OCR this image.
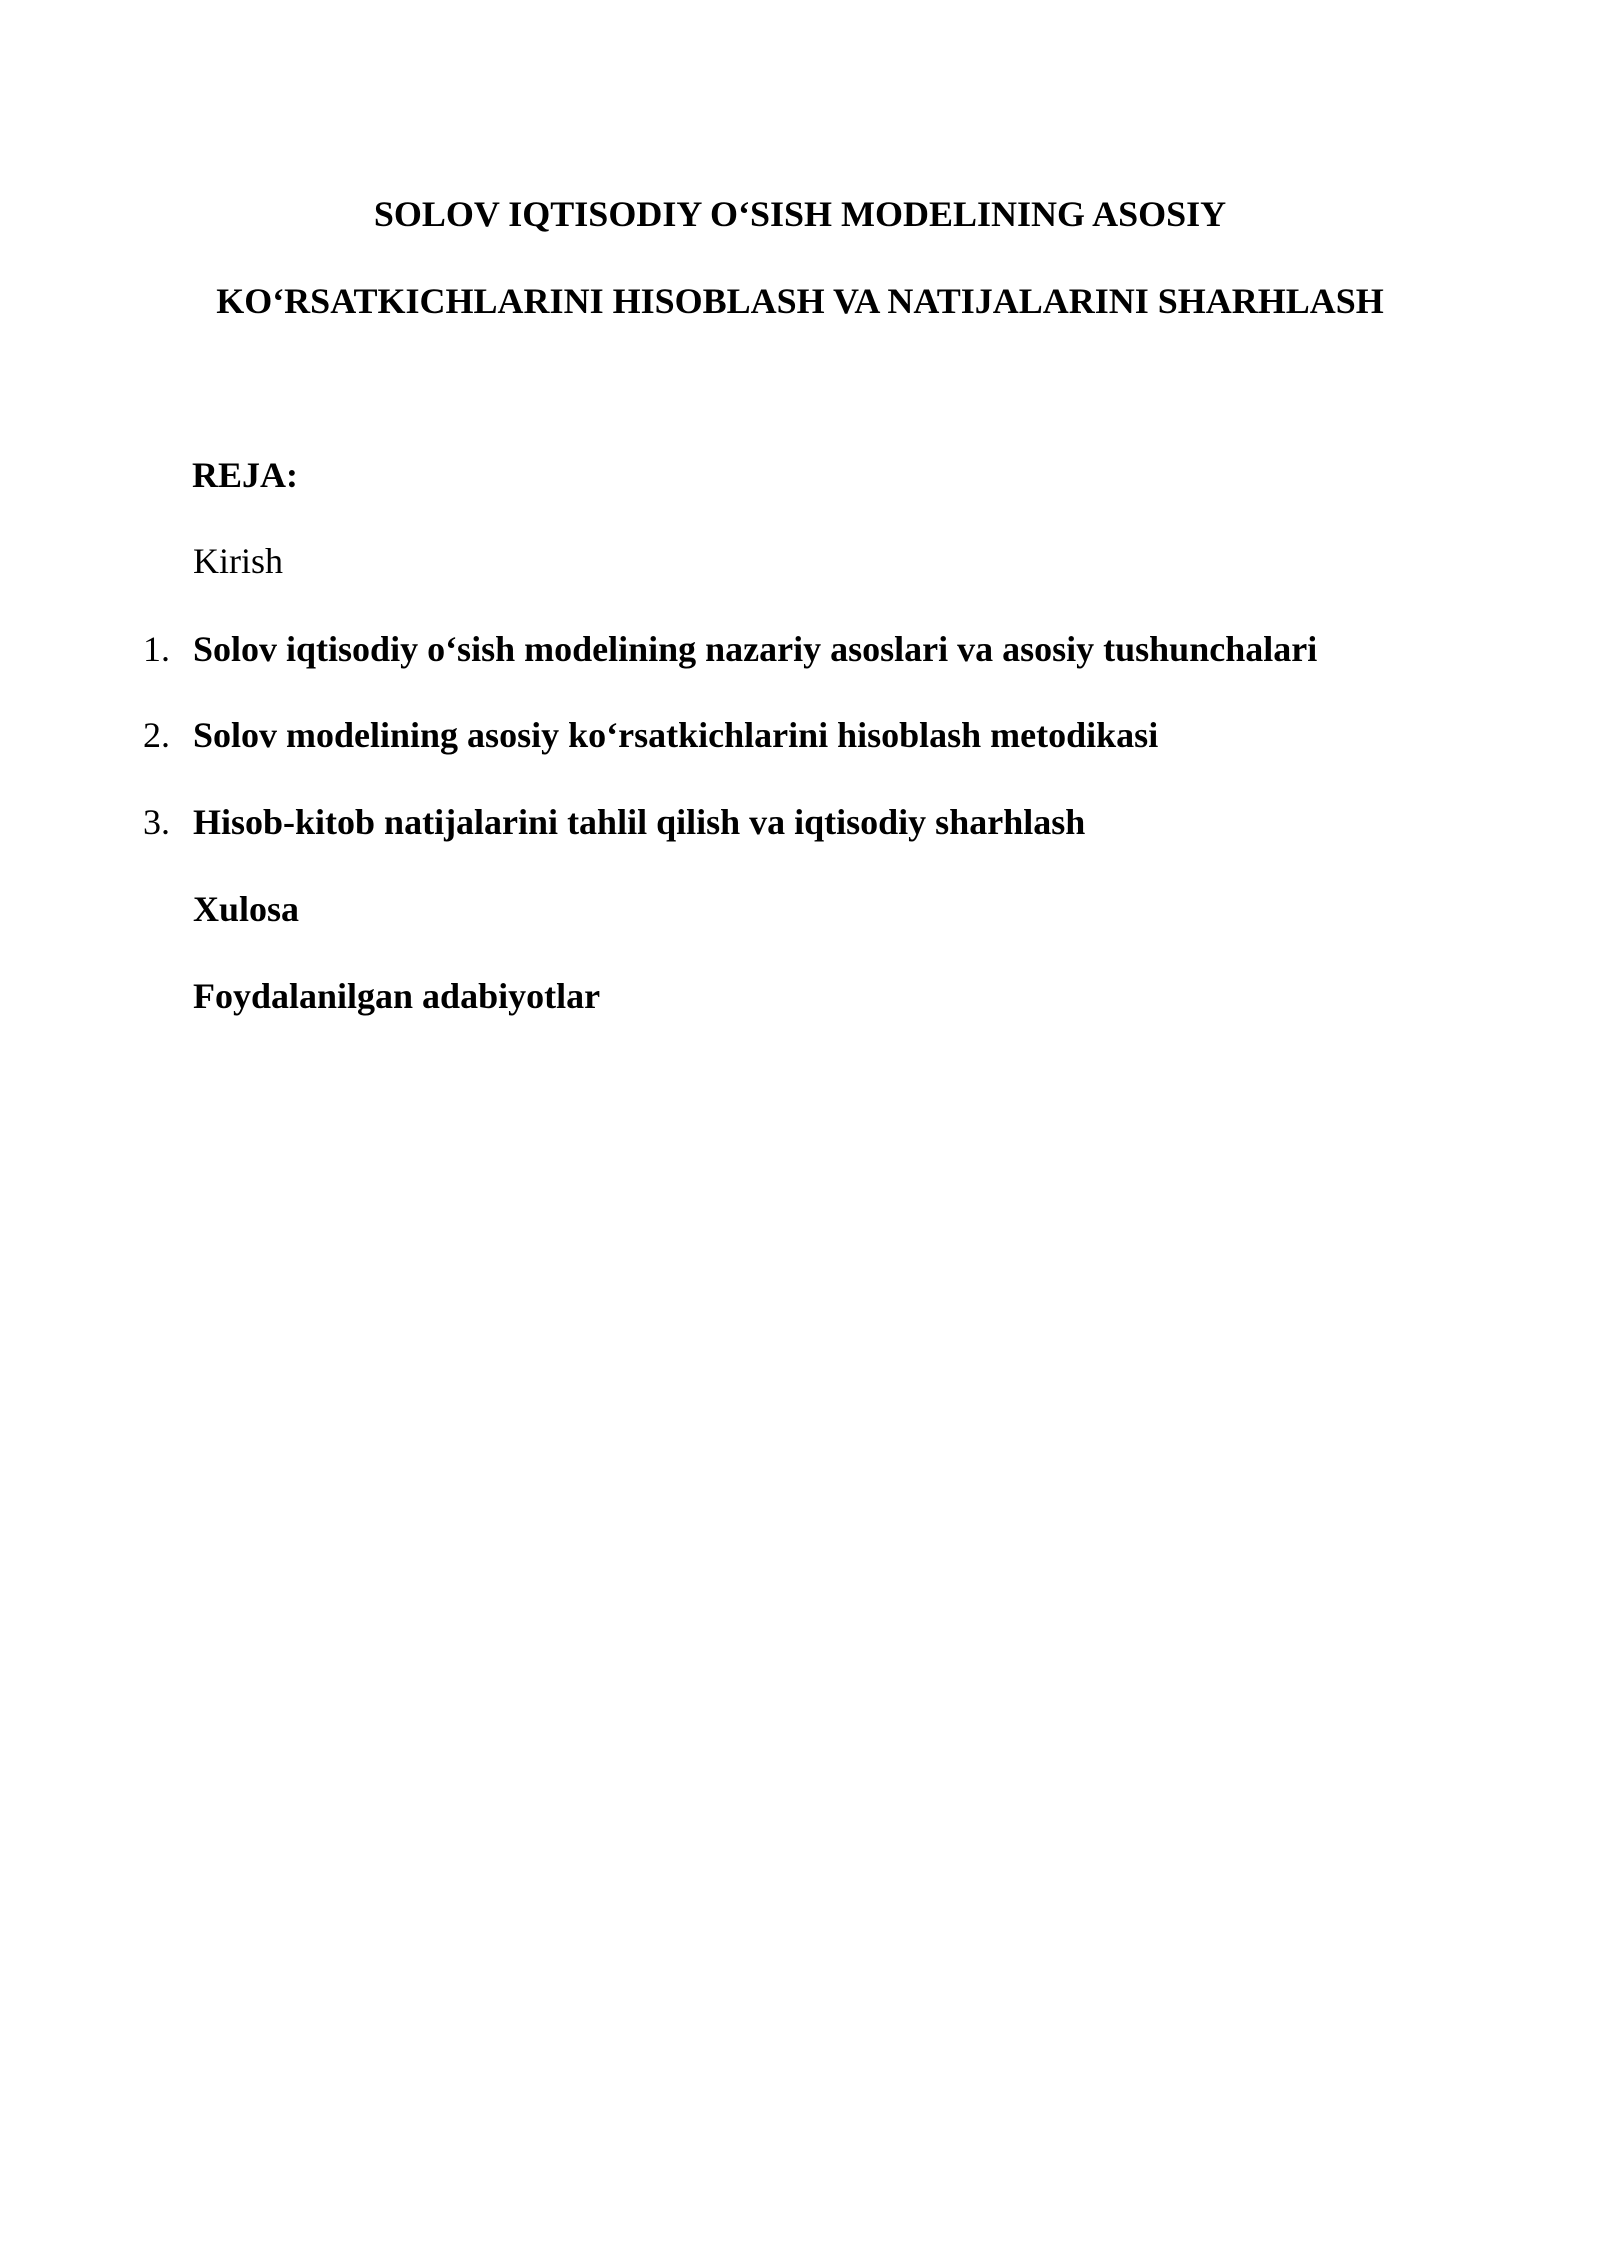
SOLOV IQTISODIY O‘SISH MODELINING ASOSIY
KO‘RSATKICHLARINI HISOBLASH VA NATIJALARINI SHARHLASH
REJA:
Kirish
1. Solov iqtisodiy o‘sish modelining nazariy asoslari va asosiy tushunchalari
2. Solov modelining asosiy ko‘rsatkichlarini hisoblash metodikasi
3. Hisob-kitob natijalarini tahlil qilish va iqtisodiy sharhlash
Xulosa
Foydalanilgan adabiyotlar
